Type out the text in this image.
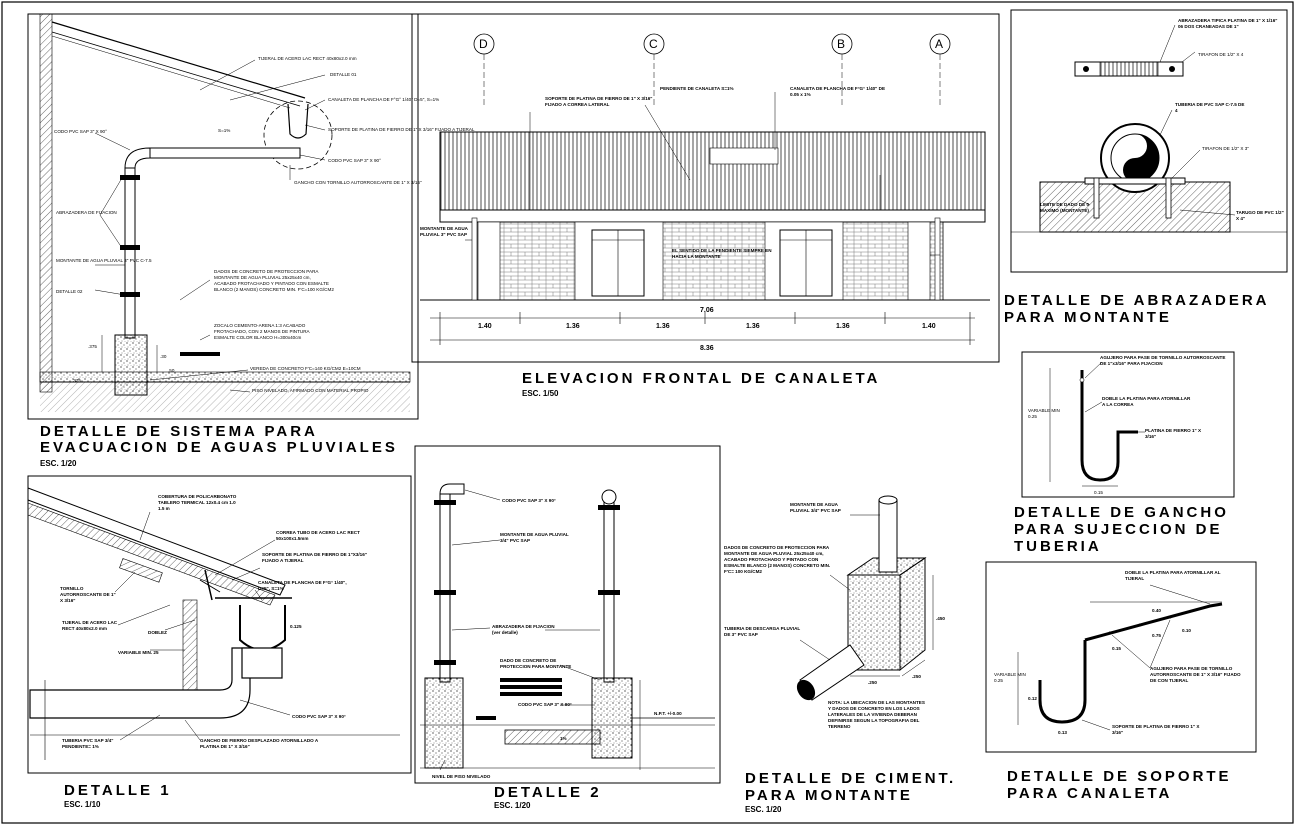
.375
.30
.375
.50
S=1%
TIJERAL DE ACERO LAC RECT 40x80x2.0 mm
DETALLE 01
CANALETA DE PLANCHA DE F°G° 1/40" D=5", S=1%
SOPORTE DE PLATINA DE FIERRO DE 1" X 3/16" FIJADO A TIJERAL
CODO PVC SAP 3" X 90°
GANCHO CON TORNILLO AUTORROSCANTE DE 1" X 3/16"
CODO PVC SAP 3" X 90°
ABRAZADERA DE FIJACION
MONTANTE DE AGUA PLUVIAL 3" PVC C-7.5
DETALLE 02
DADOS DE CONCRETO DE PROTECCION PARA MONTANTE DE AGUA PLUVIAL 25x25x40 cm, ACABADO FROTACHADO Y PINTADO CON ESMALTE BLANCO (2 MANOS) CONCRETO MIN. F'C=100 KG/CM2
ZOCALO CEMENTO-ARENA 1:3 ACABADO FROTACHADO, CON 2 MANOS DE PINTURA ESMALTE COLOR BLANCO H=300x40cm
VEREDA DE CONCRETO F'C=140 KG/CM2 E=10CM
PISO NIVELADO, AFIRMADO CON MATERIAL PROPIO
DETALLE DE SISTEMA PARA
EVACUACION DE AGUAS PLUVIALES
ESC. 1/20
D	C	B	A
1.40	1.36	1.36	1.36	1.36	1.40
7.06
8.36
SOPORTE DE PLATINA DE FIERRO DE 1" X 3/16" FIJADO A CORREA LATERAL
PENDIENTE DE CANALETA S=1%	CANALETA DE PLANCHA DE F°G° 1/40" DE 0.05 x 1%
MONTANTE DE AGUA PLUVIAL 3" PVC SAP
EL SENTIDO DE LA PENDIENTE SIEMPRE EN HACIA LA MONTANTE
ELEVACION FRONTAL DE CANALETA
ESC. 1/50
ABRAZADERA TIPICA PLATINA DE 1" X 1/16" 06 DOS CRANEADAS DE 1"
TIRAFON DE 1/2" X 4
TUBERIA DE PVC SAP C-7.5 DE 4
TIRAFON DE 1/2" X 3"
LIMITE DE DADO DE 0 MAXIMO (MONTANTE)	TARUGO DE PVC 1/2" X 4"
DETALLE DE ABRAZADERA
PARA MONTANTE
AGUJERO PARA PASE DE TORNILLO AUTORROSCANTE DE 1"x3/16" PARA FIJACION
DOBLE LA PLATINA PARA ATORNILLAR A LA CORREA
PLATINA DE FIERRO 1" X 3/16"
VARIABLE MIN 0.25
0.15
DETALLE DE GANCHO
PARA SUJECCION DE
TUBERIA
COBERTURA DE POLICARBONATO TABLERO TERMICAL 12x0.4 cm 1.0 1.5 m
CORREA TUBO DE ACERO LAC RECT 50x100x1.5mm
SOPORTE DE PLATINA DE FIERRO DE 1"X3/16" FIJADO A TIJERAL
CANALETA DE PLANCHA DE F°G° 1/40", D=5", S=1%
TORNILLO AUTORROSCANTE DE 1" X 3/16"
TIJERAL DE ACERO LAC RECT 40x80x2.0 mm
DOBLEZ
VARIABLE MIN. 25
CODO PVC SAP 3" X 90°
TUBERIA PVC SAP 3/4" PENDIENTE= 1%
GANCHO DE FIERRO DESPLAZADO ATORNILLADO A PLATINA DE 1" X 3/16"
0.125
DETALLE 1
ESC. 1/10
CODO PVC SAP 3" X 90°
MONTANTE DE AGUA PLUVIAL 3/4" PVC SAP
ABRAZADERA DE FIJACION (ver detalle)
DADO DE CONCRETO DE PROTECCION PARA MONTANTE
CODO PVC SAP 3" X 90°
N.P.T. +/-0.00
1%
NIVEL DE PISO NIVELADO
DETALLE 2
ESC. 1/20
.450
.250
.250
MONTANTE DE AGUA PLUVIAL 3/4" PVC SAP
DADOS DE CONCRETO DE PROTECCION PARA MONTANTE DE AGUA PLUVIAL 25x25x40 cm, ACABADO FROTACHADO Y PINTADO CON ESMALTE BLANCO (2 MANOS) CONCRETO MIN. F'C= 100 KG/CM2
TUBERIA DE DESCARGA PLUVIAL DE 3" PVC SAP
NOTA: LA UBICACION DE LAS MONTANTES Y DADOS DE CONCRETO EN LOS LADOS LATERALES DE LA VIVIENDA DEBERAN DEFINIRSE SEGUN LA TOPOGRAFIA DEL TERRENO
DETALLE DE CIMENT.
PARA MONTANTE
ESC. 1/20
DOBLE LA PLATINA PARA ATORNILLAR AL TIJERAL
AGUJERO PARA PASE DE TORNILLO AUTORROSCANTE DE 1" X 3/16" FIJADO DE CON TIJERAL
SOPORTE DE PLATINA DE FIERRO 1" X 3/16"
VARIABLE MIN 0.25
0.40
0.15
0.75
0.10
0.12
0.13
DETALLE DE SOPORTE
PARA CANALETA
